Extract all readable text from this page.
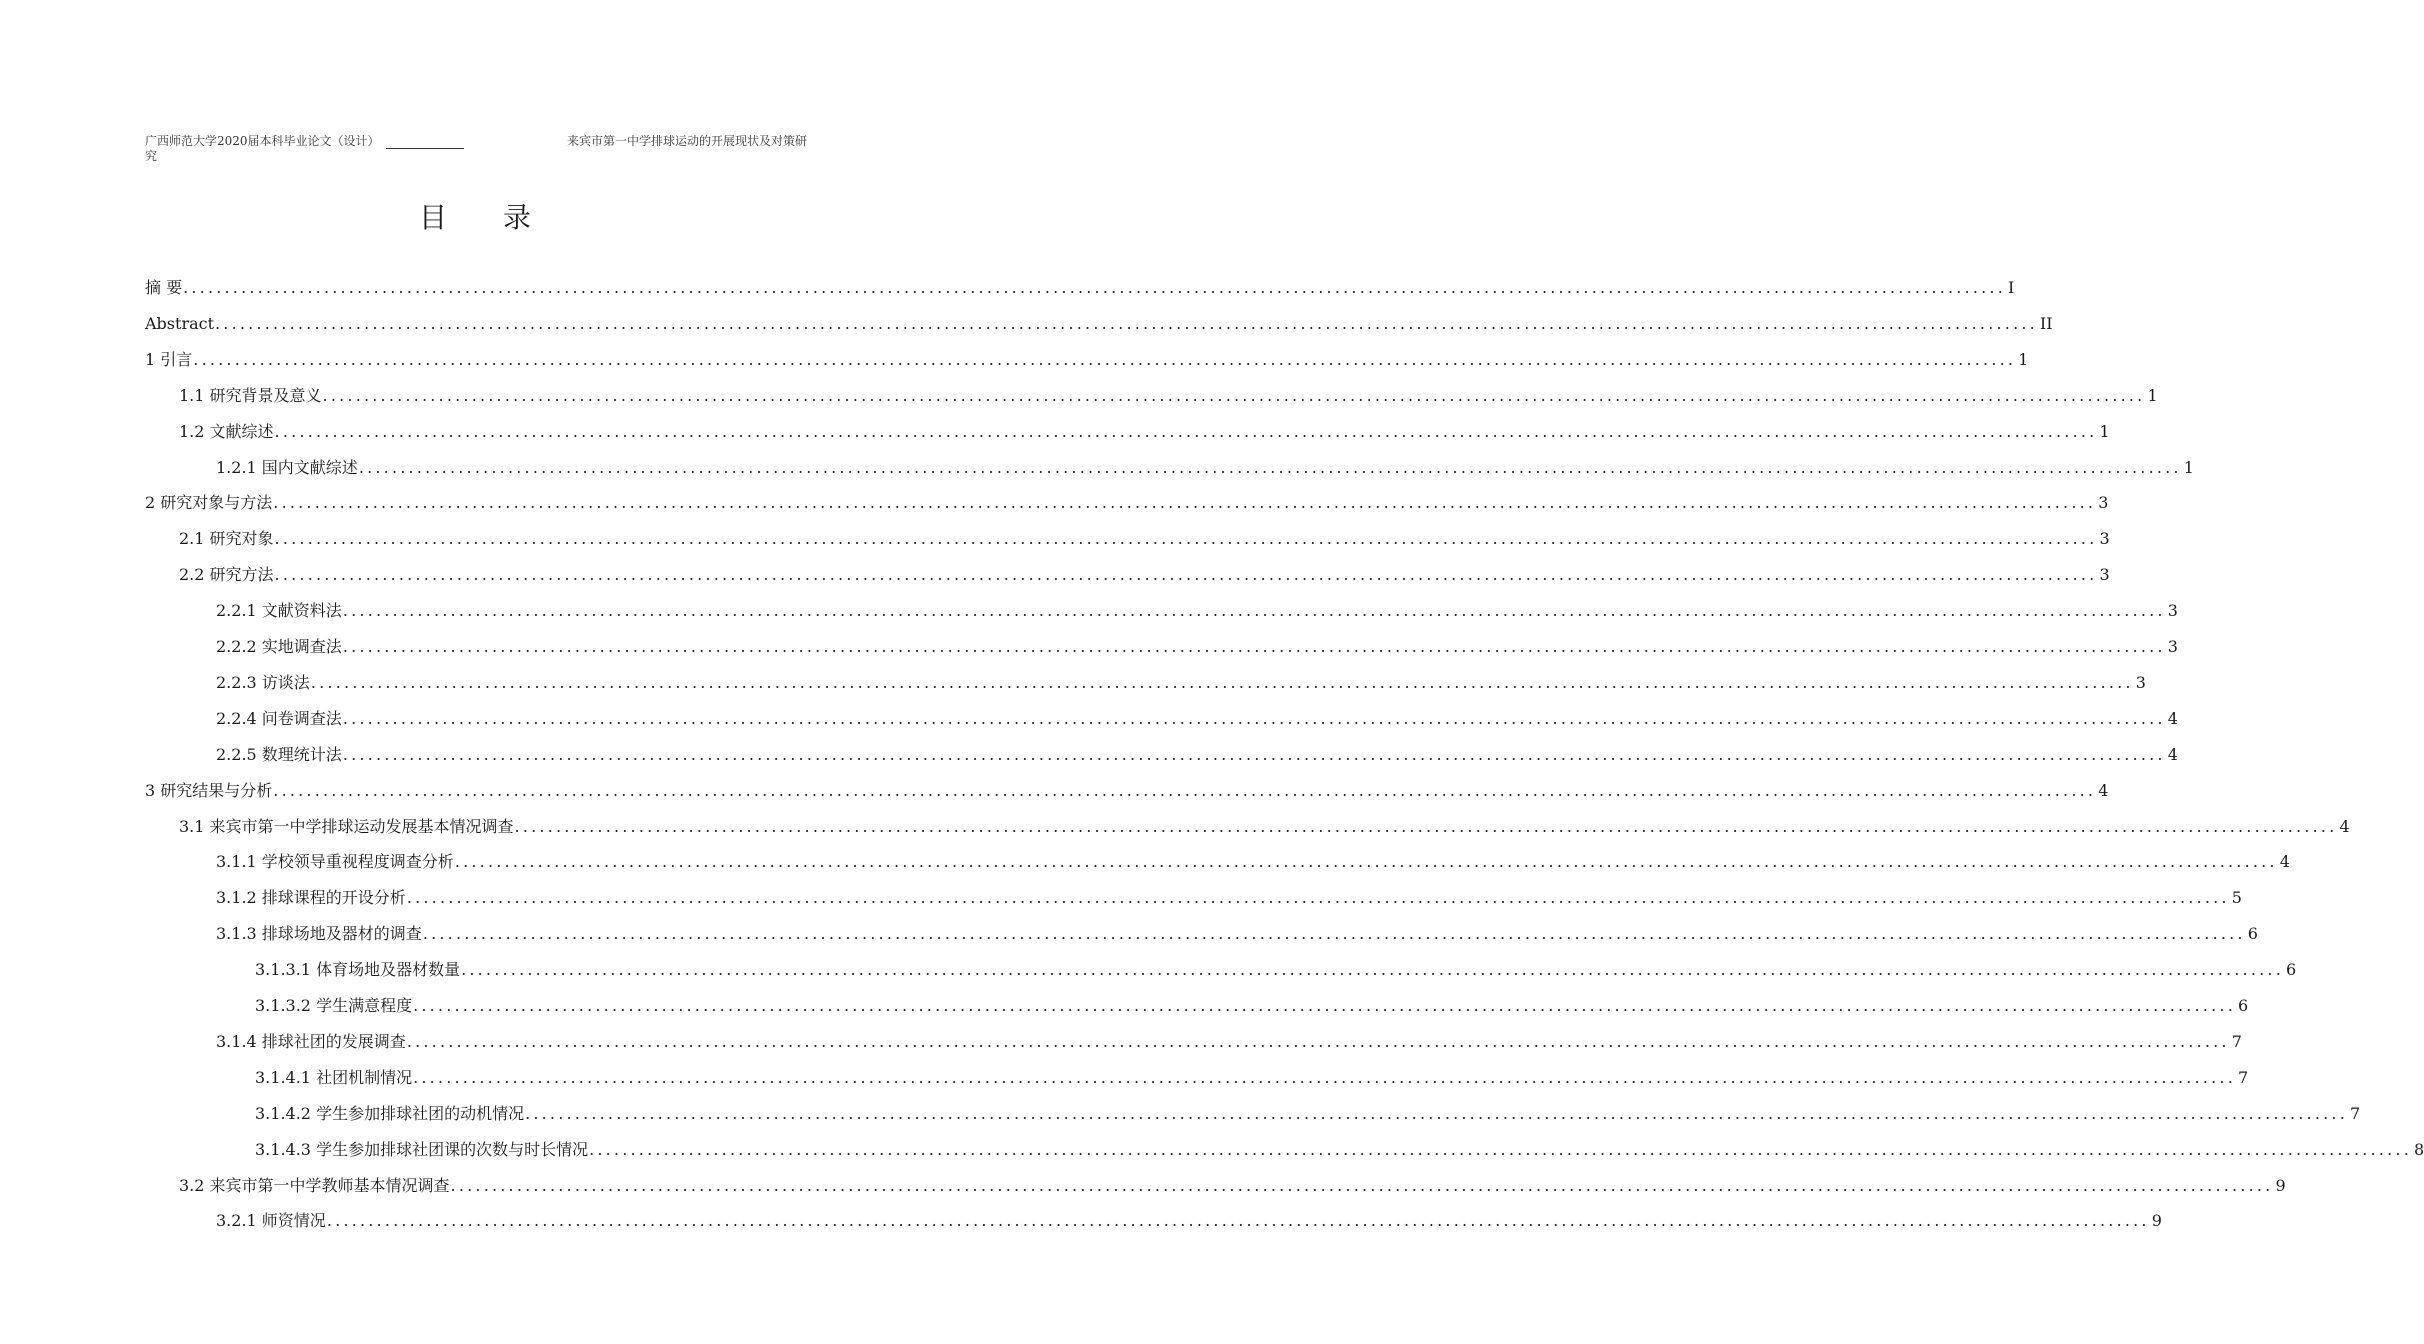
广西师范大学2020届本科毕业论文（设计）	来宾市第一中学排球运动的开展现状及对策研
究
目录
摘 要 ............................................................................................................................................................................................................................ I
Abstract ............................................................................................................................................................................................................................ II
1 引言 ............................................................................................................................................................................................................................ 1
1.1 研究背景及意义 ............................................................................................................................................................................................................................ 1
1.2 文献综述 ............................................................................................................................................................................................................................ 1
1.2.1 国内文献综述 ............................................................................................................................................................................................................................ 1
2 研究对象与方法 ............................................................................................................................................................................................................................ 3
2.1 研究对象 ............................................................................................................................................................................................................................ 3
2.2 研究方法 ............................................................................................................................................................................................................................ 3
2.2.1 文献资料法 ............................................................................................................................................................................................................................ 3
2.2.2 实地调查法 ............................................................................................................................................................................................................................ 3
2.2.3 访谈法 ............................................................................................................................................................................................................................ 3
2.2.4 问卷调查法 ............................................................................................................................................................................................................................ 4
2.2.5 数理统计法 ............................................................................................................................................................................................................................ 4
3 研究结果与分析 ............................................................................................................................................................................................................................ 4
3.1 来宾市第一中学排球运动发展基本情况调查 ............................................................................................................................................................................................................................ 4
3.1.1 学校领导重视程度调查分析 ............................................................................................................................................................................................................................ 4
3.1.2 排球课程的开设分析 ............................................................................................................................................................................................................................ 5
3.1.3 排球场地及器材的调查 ............................................................................................................................................................................................................................ 6
3.1.3.1 体育场地及器材数量 ............................................................................................................................................................................................................................ 6
3.1.3.2 学生满意程度 ............................................................................................................................................................................................................................ 6
3.1.4 排球社团的发展调查 ............................................................................................................................................................................................................................ 7
3.1.4.1 社团机制情况 ............................................................................................................................................................................................................................ 7
3.1.4.2 学生参加排球社团的动机情况 ............................................................................................................................................................................................................................ 7
3.1.4.3 学生参加排球社团课的次数与时长情况 ............................................................................................................................................................................................................................ 8
3.2 来宾市第一中学教师基本情况调查 ............................................................................................................................................................................................................................ 9
3.2.1 师资情况 ............................................................................................................................................................................................................................ 9
